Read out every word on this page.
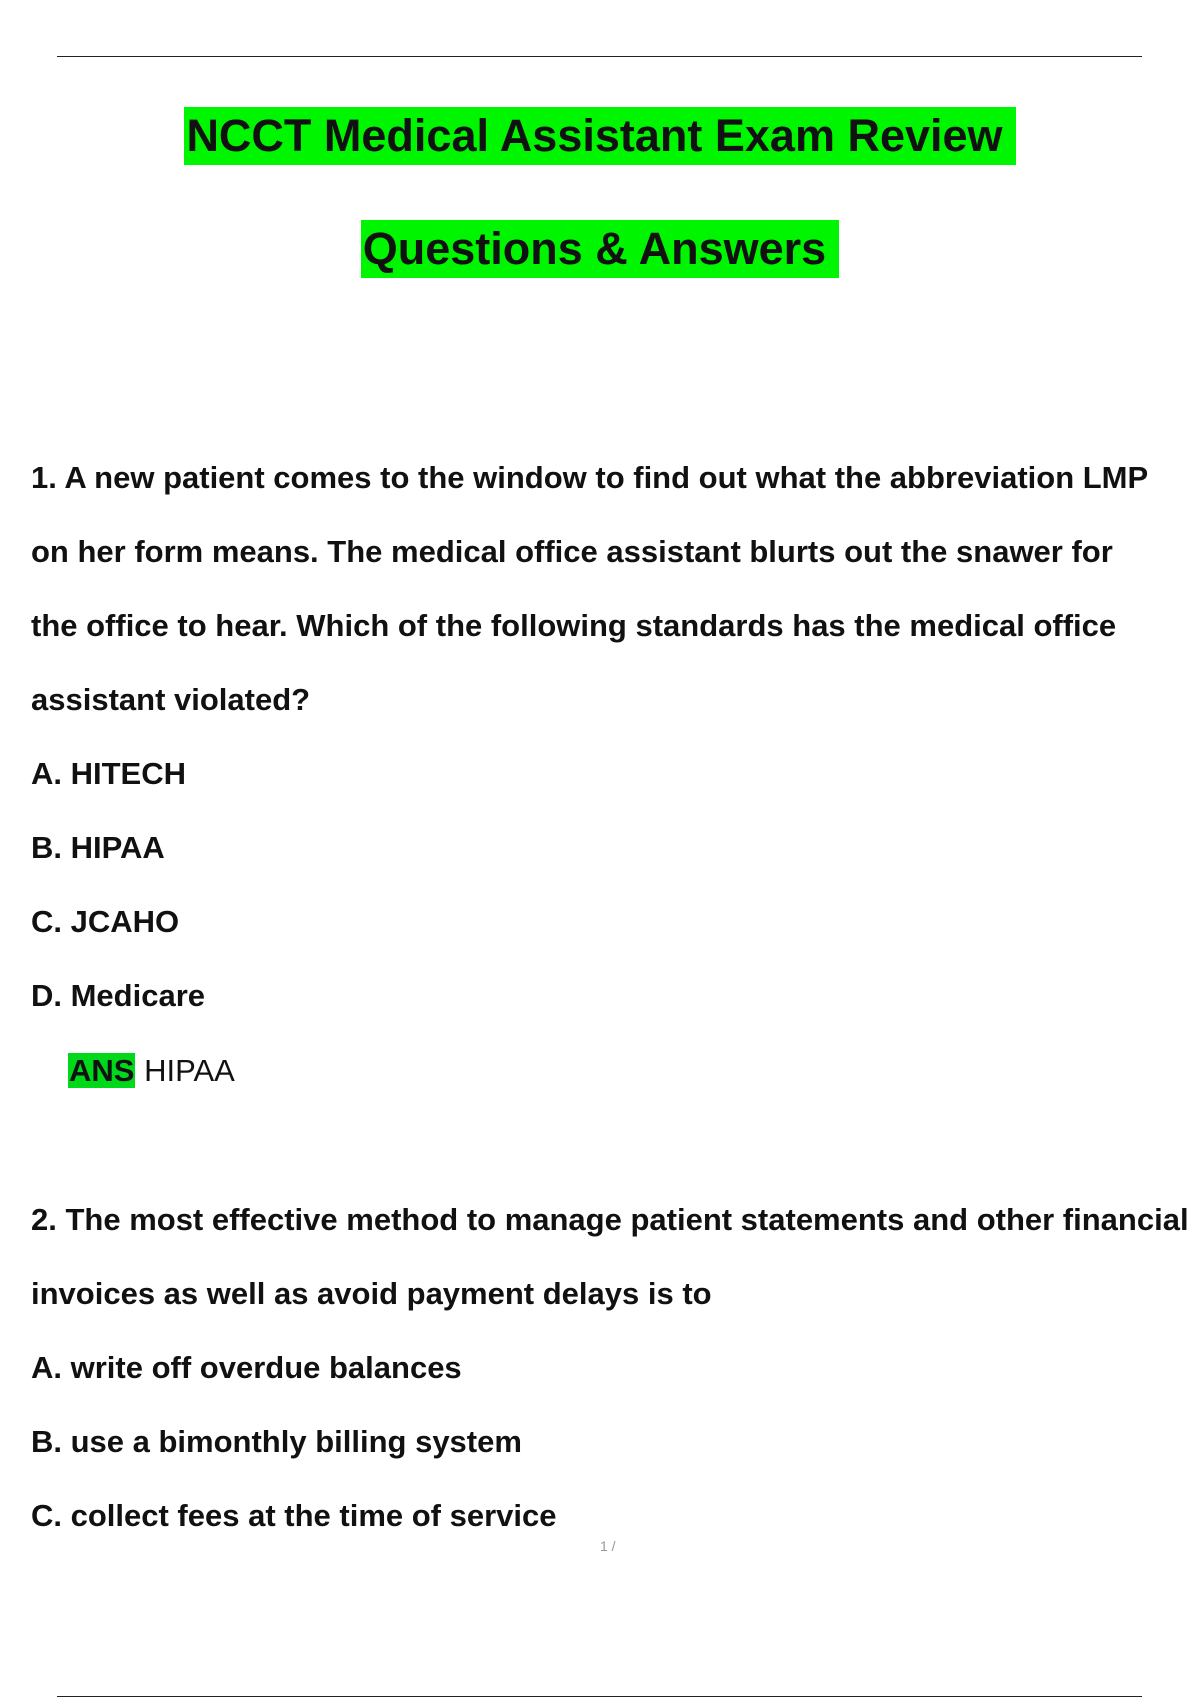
NCCT Medical Assistant Exam Review
Questions & Answers
1. A new patient comes to the window to find out what the abbreviation LMP
on her form means. The medical office assistant blurts out the snawer for
the office to hear. Which of the following standards has the medical office
assistant violated?
A. HITECH
B. HIPAA
C. JCAHO
D. Medicare
ANS HIPAA
2. The most effective method to manage patient statements and other financial
invoices as well as avoid payment delays is to
A. write off overdue balances
B. use a bimonthly billing system
C. collect fees at the time of service
1 /
